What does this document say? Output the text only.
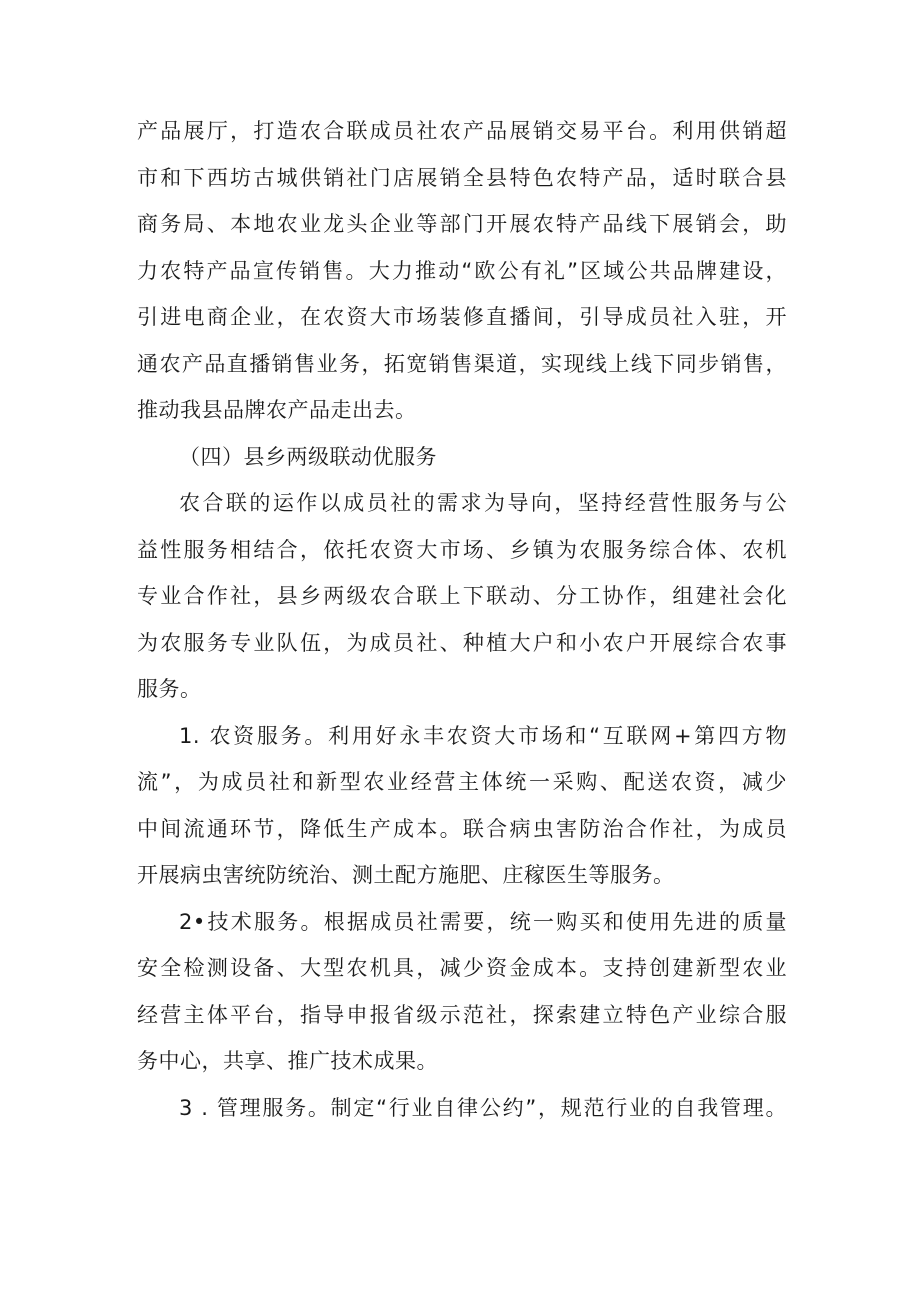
产品展厅，打造农合联成员社农产品展销交易平台。利用供销超
市和下西坊古城供销社门店展销全县特色农特产品，适时联合县
商务局、本地农业龙头企业等部门开展农特产品线下展销会，助
力农特产品宣传销售。大力推动“欧公有礼”区域公共品牌建设，
引进电商企业，在农资大市场装修直播间，引导成员社入驻，开
通农产品直播销售业务，拓宽销售渠道，实现线上线下同步销售，
推动我县品牌农产品走出去。
（四）县乡两级联动优服务
农合联的运作以成员社的需求为导向，坚持经营性服务与公
益性服务相结合，依托农资大市场、乡镇为农服务综合体、农机
专业合作社，县乡两级农合联上下联动、分工协作，组建社会化
为农服务专业队伍，为成员社、种植大户和小农户开展综合农事
服务。
1. 农资服务。利用好永丰农资大市场和“互联网+第四方物
流”，为成员社和新型农业经营主体统一采购、配送农资，减少
中间流通环节，降低生产成本。联合病虫害防治合作社，为成员
开展病虫害统防统治、测土配方施肥、庄稼医生等服务。
2•技术服务。根据成员社需要，统一购买和使用先进的质量
安全检测设备、大型农机具，减少资金成本。支持创建新型农业
经营主体平台，指导申报省级示范社，探索建立特色产业综合服
务中心，共享、推广技术成果。
3 . 管理服务。制定“行业自律公约”，规范行业的自我管理。
